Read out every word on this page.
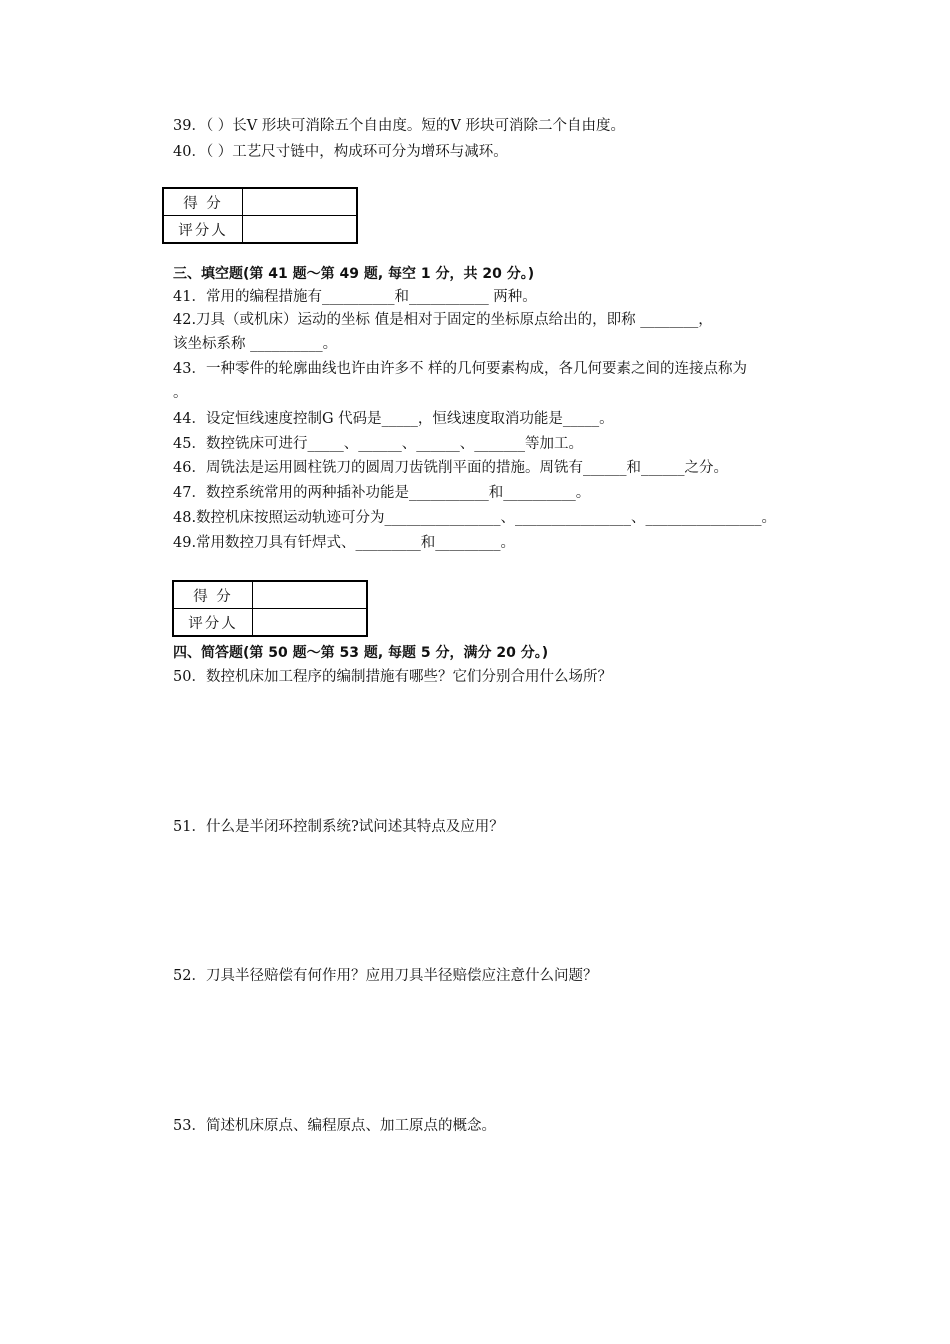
39．（ ）长V 形块可消除五个自由度。短的V 形块可消除二个自由度。
40．（ ）工艺尺寸链中，构成环可分为增环与减环。
得 分	
评分人	
三、填空题(第 41 题～第 49 题, 每空 1 分，共 20 分。)
41．常用的编程措施有__________和___________ 两种。
42.刀具（或机床）运动的坐标 值是相对于固定的坐标原点给出的，即称 ________，
该坐标系称 __________。
43．一种零件的轮廓曲线也许由许多不 样的几何要素构成，各几何要素之间的连接点称为
。
44．设定恒线速度控制G 代码是_____，恒线速度取消功能是_____。
45．数控铣床可进行_____、______、______、_______等加工。
46．周铣法是运用圆柱铣刀的圆周刀齿铣削平面的措施。周铣有______和______之分。
47．数控系统常用的两种插补功能是___________和__________。
48.数控机床按照运动轨迹可分为________________、________________、________________。
49.常用数控刀具有钎焊式、_________和_________。
得 分	
评分人	
四、简答题(第 50 题～第 53 题, 每题 5 分，满分 20 分。)
50．数控机床加工程序的编制措施有哪些？它们分别合用什么场所？
51．什么是半闭环控制系统?试问述其特点及应用？
52．刀具半径赔偿有何作用？应用刀具半径赔偿应注意什么问题？
53．简述机床原点、编程原点、加工原点的概念。
